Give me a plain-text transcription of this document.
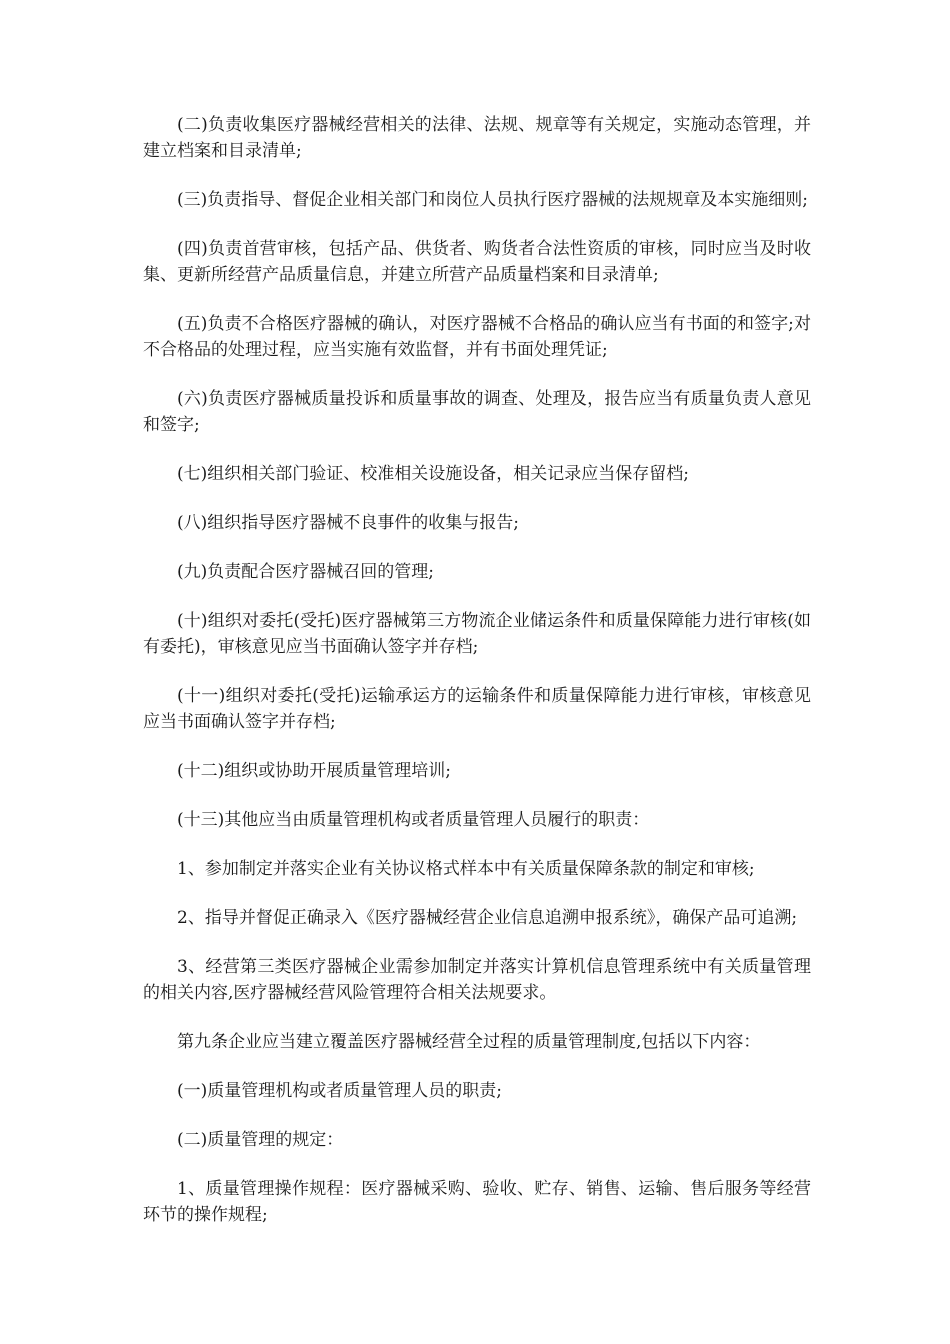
(二)负责收集医疗器械经营相关的法律、法规、规章等有关规定，实施动态管理，并建立档案和目录清单;

(三)负责指导、督促企业相关部门和岗位人员执行医疗器械的法规规章及本实施细则;

(四)负责首营审核，包括产品、供货者、购货者合法性资质的审核，同时应当及时收集、更新所经营产品质量信息，并建立所营产品质量档案和目录清单;

(五)负责不合格医疗器械的确认，对医疗器械不合格品的确认应当有书面的和签字;对不合格品的处理过程，应当实施有效监督，并有书面处理凭证;

(六)负责医疗器械质量投诉和质量事故的调查、处理及，报告应当有质量负责人意见和签字;

(七)组织相关部门验证、校准相关设施设备，相关记录应当保存留档;

(八)组织指导医疗器械不良事件的收集与报告;

(九)负责配合医疗器械召回的管理;

(十)组织对委托(受托)医疗器械第三方物流企业储运条件和质量保障能力进行审核(如有委托)，审核意见应当书面确认签字并存档;

(十一)组织对委托(受托)运输承运方的运输条件和质量保障能力进行审核，审核意见应当书面确认签字并存档;

(十二)组织或协助开展质量管理培训;

(十三)其他应当由质量管理机构或者质量管理人员履行的职责：

1、参加制定并落实企业有关协议格式样本中有关质量保障条款的制定和审核;

2、指导并督促正确录入《医疗器械经营企业信息追溯申报系统》，确保产品可追溯;

3、经营第三类医疗器械企业需参加制定并落实计算机信息管理系统中有关质量管理的相关内容,医疗器械经营风险管理符合相关法规要求。

第九条企业应当建立覆盖医疗器械经营全过程的质量管理制度,包括以下内容：

(一)质量管理机构或者质量管理人员的职责;

(二)质量管理的规定：

1、质量管理操作规程：医疗器械采购、验收、贮存、销售、运输、售后服务等经营环节的操作规程;
